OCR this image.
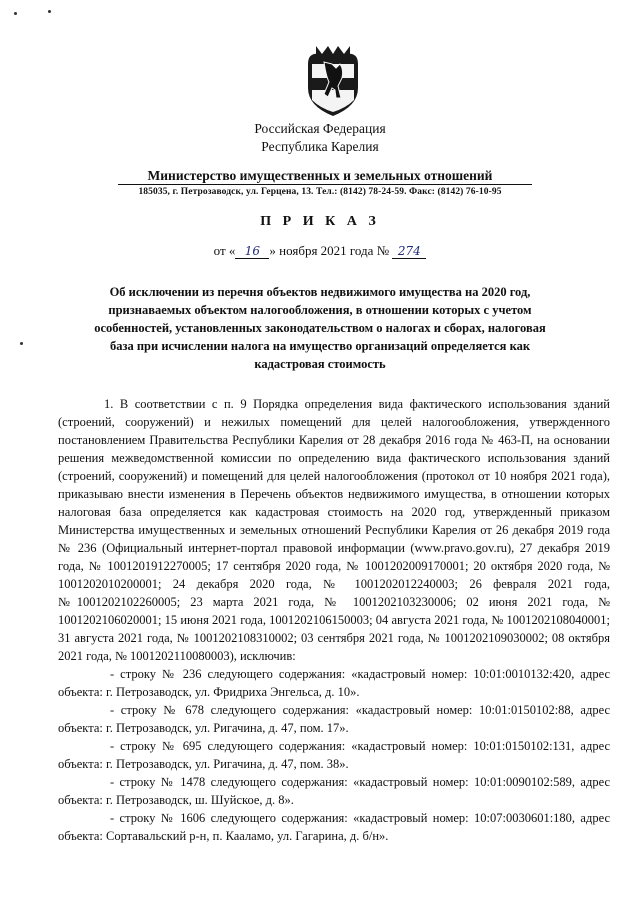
Российская Федерация
Республика Карелия
Министерство имущественных и земельных отношений
185035, г. Петрозаводск, ул. Герцена, 13. Тел.: (8142) 78-24-59. Факс: (8142) 76-10-95
П Р И К А З
от « 16 » ноября 2021 года № 274
Об исключении из перечня объектов недвижимого имущества на 2020 год, признаваемых объектом налогообложения, в отношении которых с учетом особенностей, установленных законодательством о налогах и сборах, налоговая база при исчислении налога на имущество организаций определяется как кадастровая стоимость

1. В соответствии с п. 9 Порядка определения вида фактического использования зданий (строений, сооружений) и нежилых помещений для целей налогообложения, утвержденного постановлением Правительства Республики Карелия от 28 декабря 2016 года № 463-П, на основании решения межведомственной комиссии по определению вида фактического использования зданий (строений, сооружений) и помещений для целей налогообложения (протокол от 10 ноября 2021 года), приказываю внести изменения в Перечень объектов недвижимого имущества, в отношении которых налоговая база определяется как кадастровая стоимость на 2020 год, утвержденный приказом Министерства имущественных и земельных отношений Республики Карелия от 26 декабря 2019 года № 236 (Официальный интернет-портал правовой информации (www.pravo.gov.ru), 27 декабря 2019 года, № 1001201912270005; 17 сентября 2020 года, № 1001202009170001; 20 октября 2020 года, № 1001202010200001; 24 декабря 2020 года, № 1001202012240003; 26 февраля 2021 года, №1001202102260005; 23 марта 2021 года, № 1001202103230006; 02 июня 2021 года, № 1001202106020001; 15 июня 2021 года, 1001202106150003; 04 августа 2021 года, № 1001202108040001; 31 августа 2021 года, № 1001202108310002; 03 сентября 2021 года, № 1001202109030002; 08 октября 2021 года, № 1001202110080003), исключив:

- строку № 236 следующего содержания: «кадастровый номер: 10:01:0010132:420, адрес объекта: г. Петрозаводск, ул. Фридриха Энгельса, д. 10».

- строку № 678 следующего содержания: «кадастровый номер: 10:01:0150102:88, адрес объекта: г. Петрозаводск, ул. Ригачина, д. 47, пом. 17».

- строку № 695 следующего содержания: «кадастровый номер: 10:01:0150102:131, адрес объекта: г. Петрозаводск, ул. Ригачина, д. 47, пом. 38».

- строку № 1478 следующего содержания: «кадастровый номер: 10:01:0090102:589, адрес объекта: г. Петрозаводск, ш. Шуйское, д. 8».

- строку № 1606 следующего содержания: «кадастровый номер: 10:07:0030601:180, адрес объекта: Сортавальский р-н, п. Кааламо, ул. Гагарина, д. б/н».
